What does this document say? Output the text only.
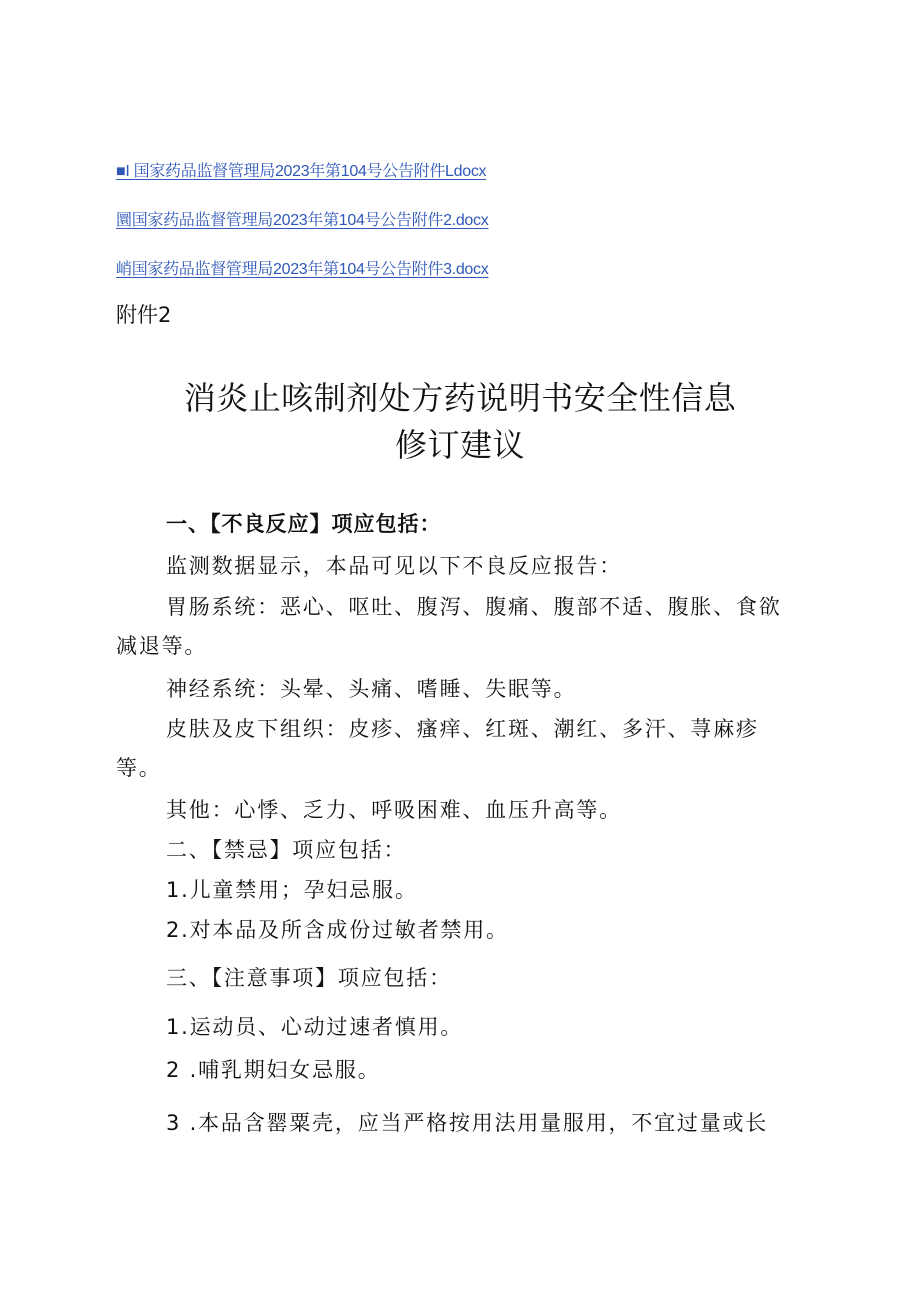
■I 国家药品监督管理局2023年第104号公告附件Ldocx
圜国家药品监督管理局2023年第104号公告附件2.docx
峭国家药品监督管理局2023年第104号公告附件3.docx
附件2
消炎止咳制剂处方药说明书安全性信息
修订建议
一、【不良反应】项应包括：
监测数据显示，本品可见以下不良反应报告：
胃肠系统：恶心、呕吐、腹泻、腹痛、腹部不适、腹胀、食欲
减退等。
神经系统：头晕、头痛、嗜睡、失眠等。
皮肤及皮下组织：皮疹、瘙痒、红斑、潮红、多汗、荨麻疹
等。
其他：心悸、乏力、呼吸困难、血压升高等。
二、【禁忌】项应包括：
1.儿童禁用；孕妇忌服。
2.对本品及所含成份过敏者禁用。
三、【注意事项】项应包括：
1.运动员、心动过速者慎用。
2 .哺乳期妇女忌服。
3 .本品含罂粟壳，应当严格按用法用量服用，不宜过量或长
